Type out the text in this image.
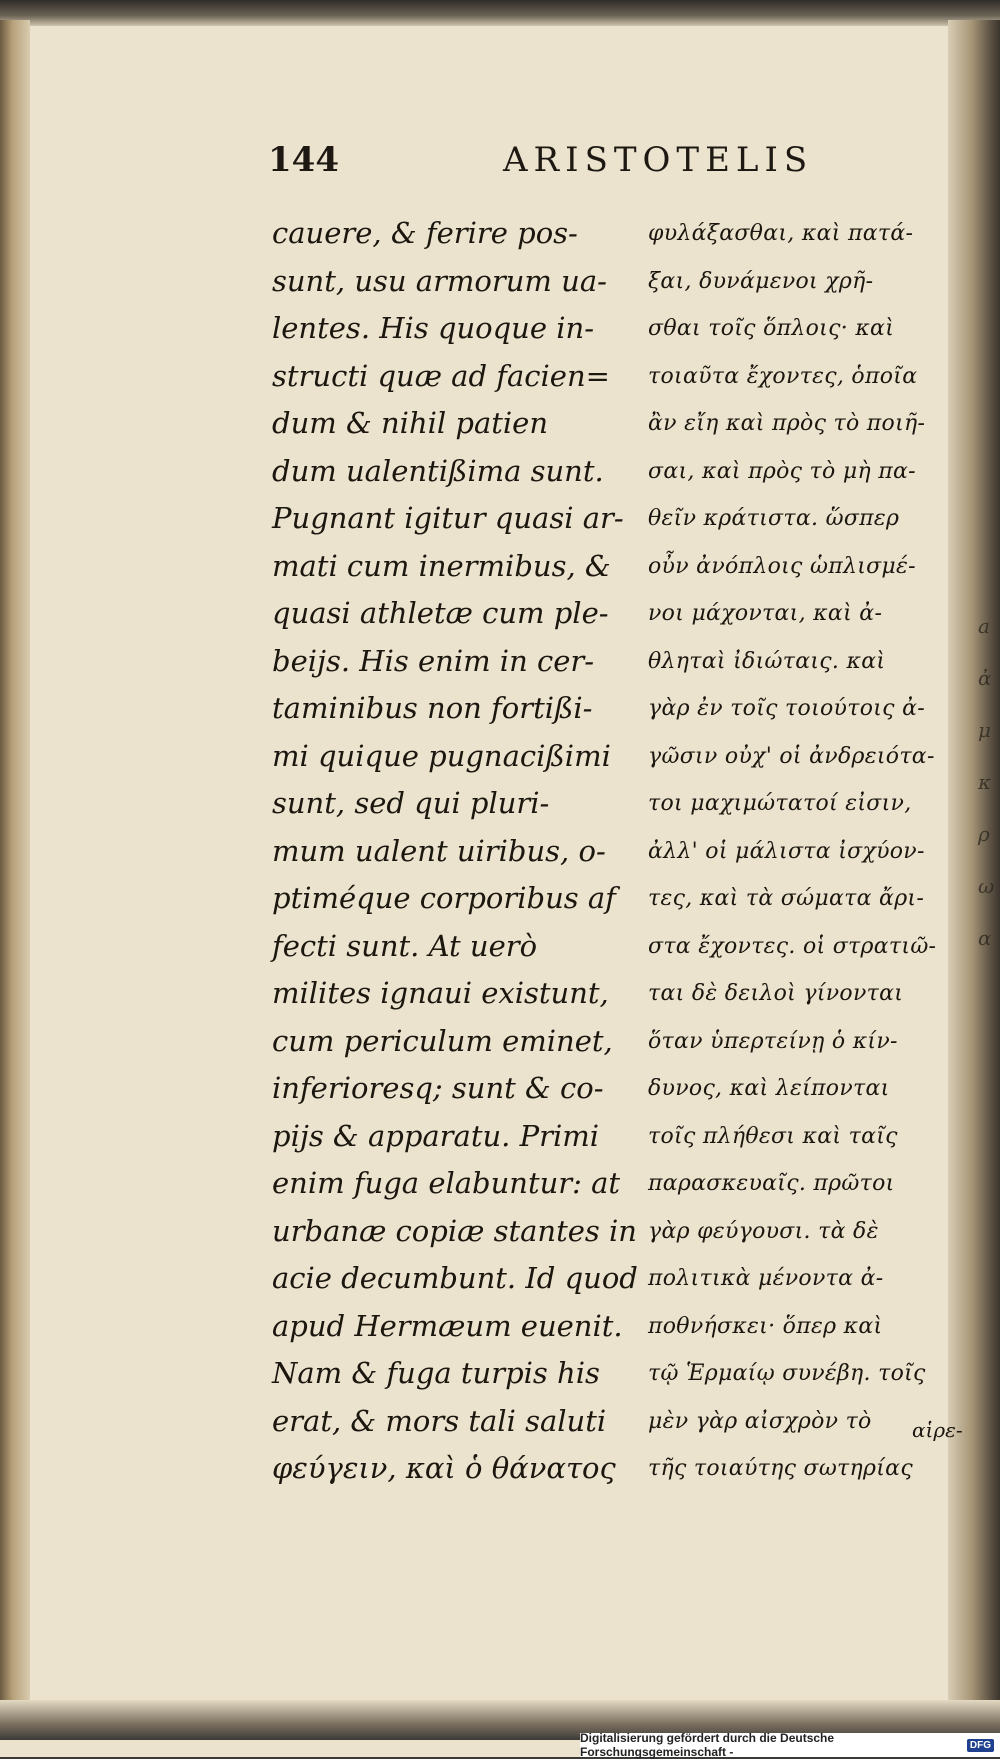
a
ἀ
μ
κ
ρ
ω
α
144	ARISTOTELIS
cauere, & ferire pos-
sunt, usu armorum ua-
lentes. His quoque in-
structi quæ ad facien=
dum & nihil patien
dum ualentißima sunt.
Pugnant igitur quasi ar-
mati cum inermibus, &
quasi athletæ cum ple-
beijs. His enim in cer-
taminibus non fortißi-
mi quique pugnacißimi
sunt, sed qui pluri-
mum ualent uiribus, o-
ptiméque corporibus af
fecti sunt. At uerò
milites ignaui existunt,
cum periculum eminet,
inferioresq; sunt & co-
pijs & apparatu. Primi
enim fuga elabuntur: at
urbanæ copiæ stantes in
acie decumbunt. Id quod
apud Hermæum euenit.
Nam & fuga turpis his
erat, & mors tali saluti
φεύγειν, καὶ ὁ θάνατος
φυλάξασθαι, καὶ πατά-
ξαι, δυνάμενοι χρῆ-
σθαι τοῖς ὅπλοις· καὶ
τοιαῦτα ἔχοντες, ὁποῖα
ἂν εἴη καὶ πρὸς τὸ ποιῆ-
σαι, καὶ πρὸς τὸ μὴ πα-
θεῖν κράτιστα. ὥσπερ
οὖν ἀνόπλοις ὡπλισμέ-
νοι μάχονται, καὶ ἀ-
θληταὶ ἰδιώταις. καὶ
γὰρ ἐν τοῖς τοιούτοις ἀ-
γῶσιν οὐχ' οἱ ἀνδρειότα-
τοι μαχιμώτατοί εἰσιν,
ἀλλ' οἱ μάλιστα ἰσχύον-
τες, καὶ τὰ σώματα ἄρι-
στα ἔχοντες. οἱ στρατιῶ-
ται δὲ δειλοὶ γίνονται
ὅταν ὑπερτείνῃ ὁ κίν-
δυνος, καὶ λείπονται
τοῖς πλήθεσι καὶ ταῖς
παρασκευαῖς. πρῶτοι
γὰρ φεύγουσι. τὰ δὲ
πολιτικὰ μένοντα ἀ-
ποθνήσκει· ὅπερ καὶ
τῷ Ἑρμαίῳ συνέβη. τοῖς
μὲν γὰρ αἰσχρὸν τὸ
τῆς τοιαύτης σωτηρίας
αἱρε-
Digitalisierung gefördert durch die Deutsche Forschungsgemeinschaft -	DFG
